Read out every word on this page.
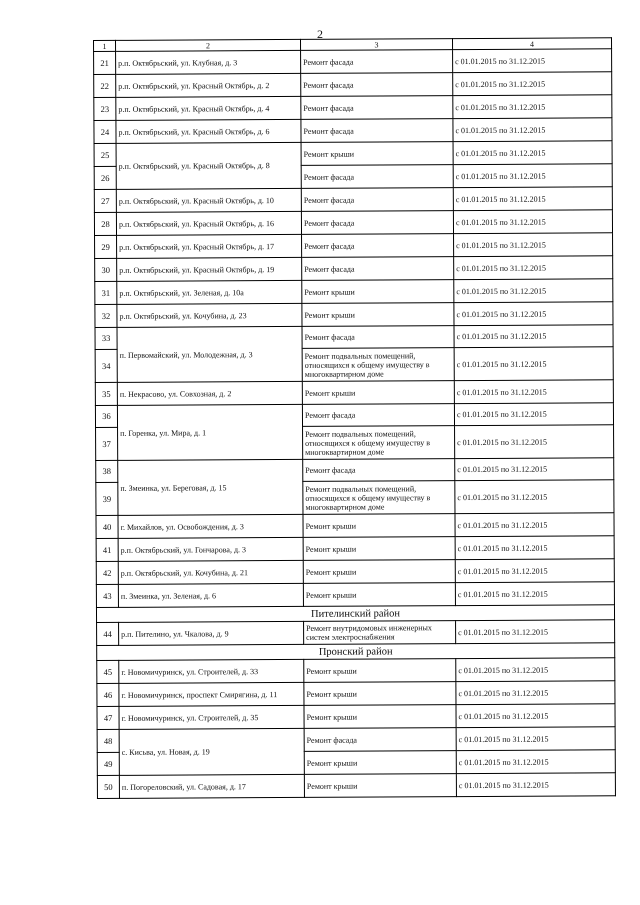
2
1	2	3	4
21	р.п. Октябрьский, ул. Клубная, д. 3	Ремонт фасада	с 01.01.2015 по 31.12.2015
22	р.п. Октябрьский, ул. Красный Октябрь, д. 2	Ремонт фасада	с 01.01.2015 по 31.12.2015
23	р.п. Октябрьский, ул. Красный Октябрь, д. 4	Ремонт фасада	с 01.01.2015 по 31.12.2015
24	р.п. Октябрьский, ул. Красный Октябрь, д. 6	Ремонт фасада	с 01.01.2015 по 31.12.2015
25	р.п. Октябрьский, ул. Красный Октябрь, д. 8	Ремонт крыши	с 01.01.2015 по 31.12.2015
26		Ремонт фасада	с 01.01.2015 по 31.12.2015
27	р.п. Октябрьский, ул. Красный Октябрь, д. 10	Ремонт фасада	с 01.01.2015 по 31.12.2015
28	р.п. Октябрьский, ул. Красный Октябрь, д. 16	Ремонт фасада	с 01.01.2015 по 31.12.2015
29	р.п. Октябрьский, ул. Красный Октябрь, д. 17	Ремонт фасада	с 01.01.2015 по 31.12.2015
30	р.п. Октябрьский, ул. Красный Октябрь, д. 19	Ремонт фасада	с 01.01.2015 по 31.12.2015
31	р.п. Октябрьский, ул. Зеленая, д. 10а	Ремонт крыши	с 01.01.2015 по 31.12.2015
32	р.п. Октябрьский, ул. Кочубина, д. 23	Ремонт крыши	с 01.01.2015 по 31.12.2015
33	п. Первомайский, ул. Молодежная, д. 3	Ремонт фасада	с 01.01.2015 по 31.12.2015
34		Ремонт подвальных помещений, относящихся к общему имуществу в многоквартирном доме	с 01.01.2015 по 31.12.2015
35	п. Некрасово, ул. Совхозная, д. 2	Ремонт крыши	с 01.01.2015 по 31.12.2015
36	п. Горенка, ул. Мира, д. 1	Ремонт фасада	с 01.01.2015 по 31.12.2015
37		Ремонт подвальных помещений, относящихся к общему имуществу в многоквартирном доме	с 01.01.2015 по 31.12.2015
38	п. Змеинка, ул. Береговая, д. 15	Ремонт фасада	с 01.01.2015 по 31.12.2015
39		Ремонт подвальных помещений, относящихся к общему имуществу в многоквартирном доме	с 01.01.2015 по 31.12.2015
40	г. Михайлов, ул. Освобождения, д. 3	Ремонт крыши	с 01.01.2015 по 31.12.2015
41	р.п. Октябрьский, ул. Гончарова, д. 3	Ремонт крыши	с 01.01.2015 по 31.12.2015
42	р.п. Октябрьский, ул. Кочубина, д. 21	Ремонт крыши	с 01.01.2015 по 31.12.2015
43	п. Змеинка, ул. Зеленая, д. 6	Ремонт крыши	с 01.01.2015 по 31.12.2015
Пителинский район			
44	р.п. Пителино, ул. Чкалова, д. 9	Ремонт внутридомовых инженерных систем электроснабжения	с 01.01.2015 по 31.12.2015
Пронский район			
45	г. Новомичуринск, ул. Строителей, д. 33	Ремонт крыши	с 01.01.2015 по 31.12.2015
46	г. Новомичуринск, проспект Смирягина, д. 11	Ремонт крыши	с 01.01.2015 по 31.12.2015
47	г. Новомичуринск, ул. Строителей, д. 35	Ремонт крыши	с 01.01.2015 по 31.12.2015
48	с. Кисьва, ул. Новая, д. 19	Ремонт фасада	с 01.01.2015 по 31.12.2015
49		Ремонт крыши	с 01.01.2015 по 31.12.2015
50	п. Погореловский, ул. Садовая, д. 17	Ремонт крыши	с 01.01.2015 по 31.12.2015
